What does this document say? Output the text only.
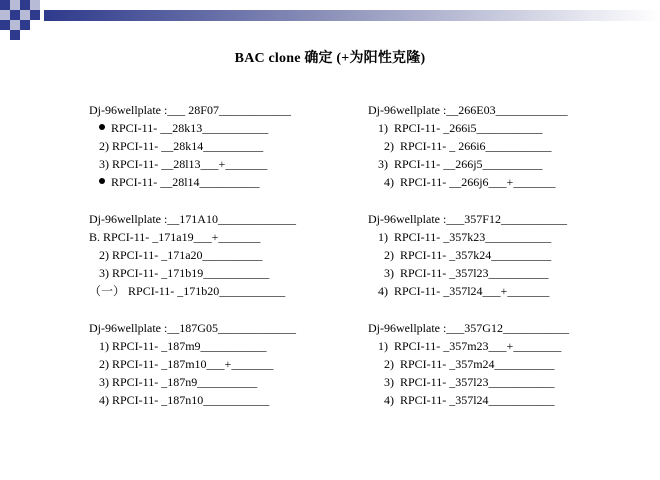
BAC clone 确定 (+为阳性克隆)
Dj-96wellplate :___ 28F07____________
RPCI-11- __28k13___________
2) RPCI-11- __28k14__________
3) RPCI-11- __28l13___+_______
RPCI-11- __28l14__________
Dj-96wellplate :__171A10_____________
B. RPCI-11- _171a19___+_______
2) RPCI-11- _171a20__________
3) RPCI-11- _171b19___________
（一） RPCI-11- _171b20___________
Dj-96wellplate :__187G05_____________
1) RPCI-11- _187m9___________
2) RPCI-11- _187m10___+_______
3) RPCI-11- _187n9__________
4) RPCI-11- _187n10___________
Dj-96wellplate :__266E03____________
1) RPCI-11- _266i5___________
2) RPCI-11- _ 266i6___________
3) RPCI-11- __266j5__________
4) RPCI-11- __266j6___+_______
Dj-96wellplate :___357F12___________
1) RPCI-11- _357k23___________
2) RPCI-11- _357k24__________
3) RPCI-11- _357l23__________
4) RPCI-11- _357l24___+_______
Dj-96wellplate :___357G12___________
1) RPCI-11- _357m23___+________
2) RPCI-11- _357m24__________
3) RPCI-11- _357l23___________
4) RPCI-11- _357l24___________
